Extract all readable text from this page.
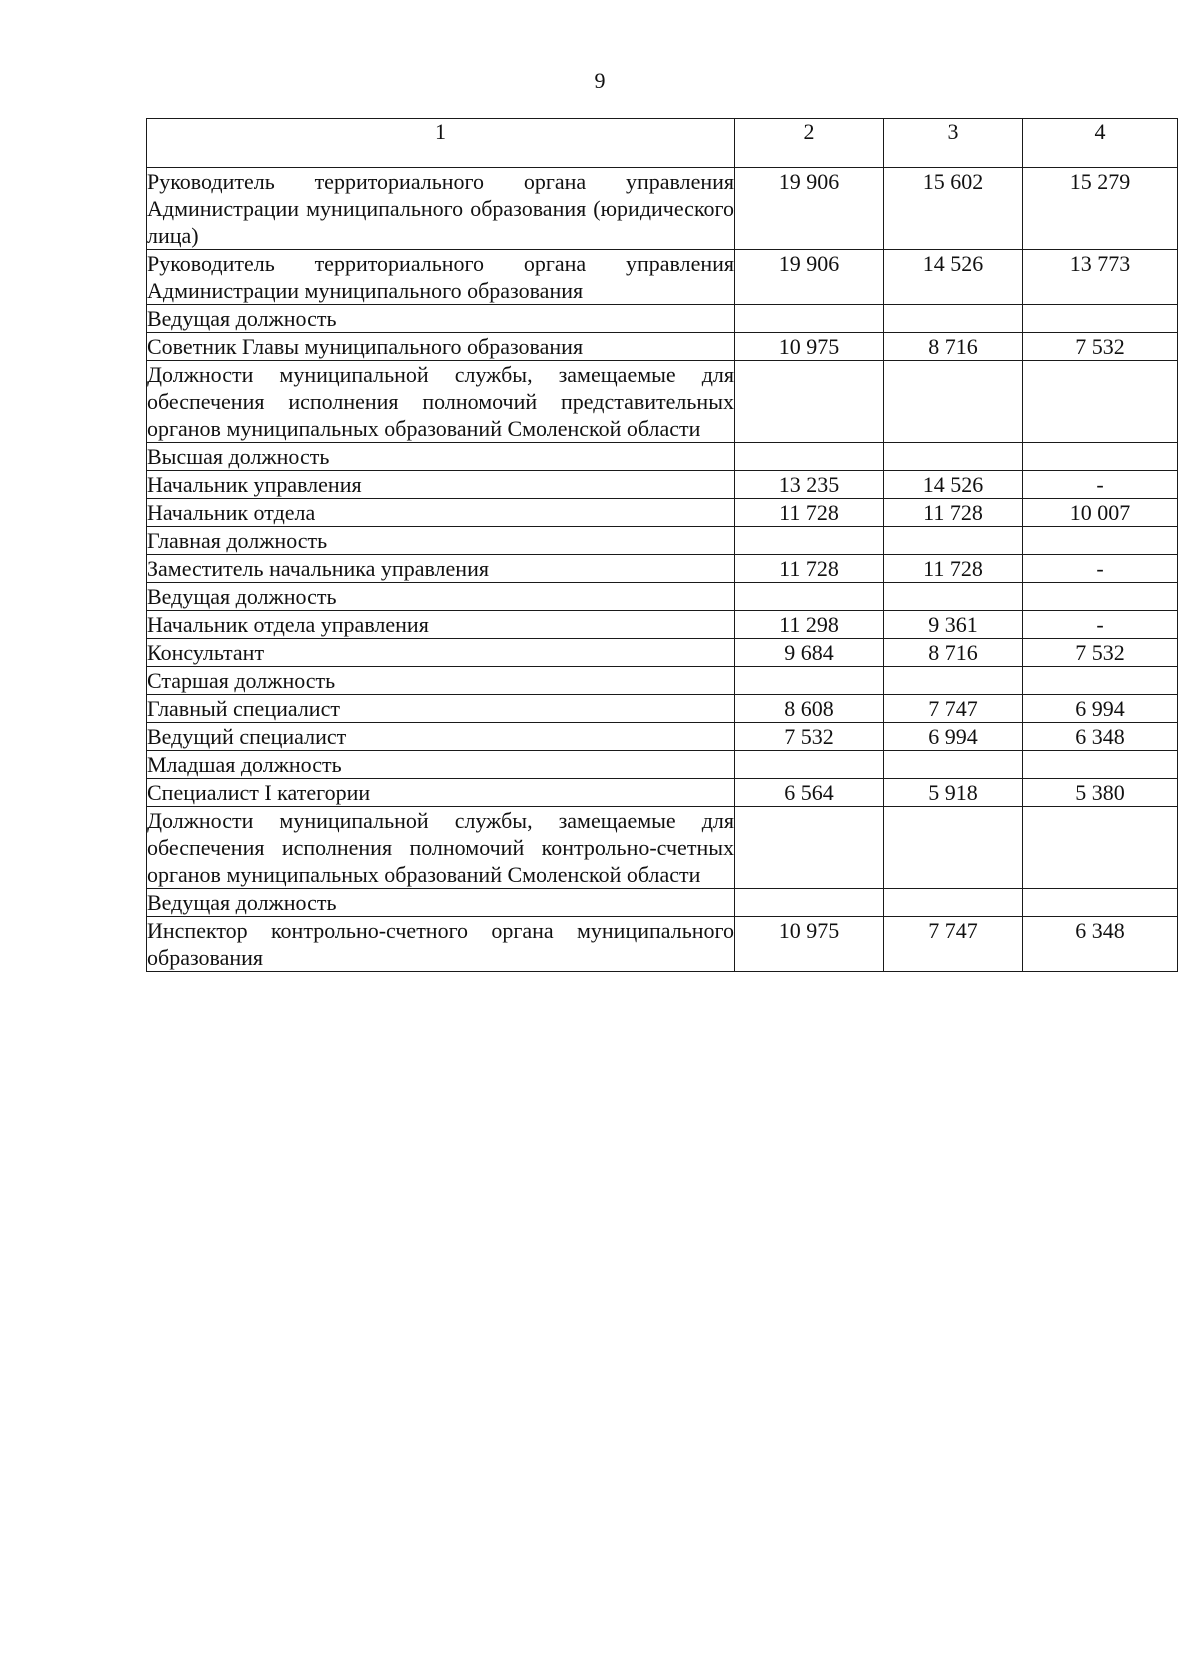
9
1	2	3	4
Руководитель территориального органа управления Администрации муниципального образования (юридического лица)	19 906	15 602	15 279
Руководитель территориального органа управления Администрации муниципального образования	19 906	14 526	13 773
Ведущая должность			
Советник Главы муниципального образования	10 975	8 716	7 532
Должности муниципальной службы, замещаемые для обеспечения исполнения полномочий представительных органов муниципальных образований Смоленской области			
Высшая должность			
Начальник управления	13 235	14 526	-
Начальник отдела	11 728	11 728	10 007
Главная должность			
Заместитель начальника управления	11 728	11 728	-
Ведущая должность			
Начальник отдела управления	11 298	9 361	-
Консультант	9 684	8 716	7 532
Старшая должность			
Главный специалист	8 608	7 747	6 994
Ведущий специалист	7 532	6 994	6 348
Младшая должность			
Специалист I категории	6 564	5 918	5 380
Должности муниципальной службы, замещаемые для обеспечения исполнения полномочий контрольно-счетных органов муниципальных образований Смоленской области			
Ведущая должность			
Инспектор контрольно-счетного органа муниципального образования	10 975	7 747	6 348
